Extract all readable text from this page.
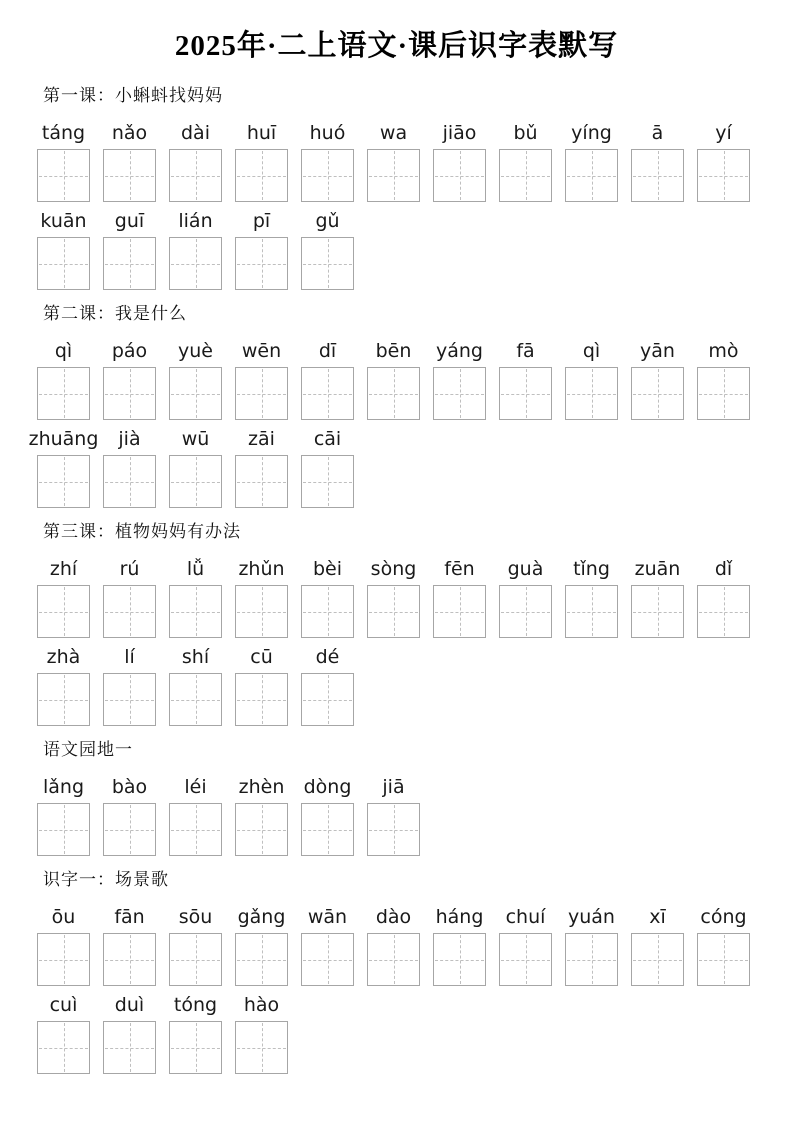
2025年·二上语文·课后识字表默写
第一课：小蝌蚪找妈妈
táng nǎo dài huī huó wa jiāo bǔ yíng ā	yí
kuān guī lián pī gǔ
第二课：我是什么
qì páo yuè wēn dī bēn yáng fā	qì yān mò
zhuāng jià wū zāi cāi
第三课：植物妈妈有办法
zhí rú lǚ zhǔn bèi sòng fēn guà tǐng zuān dǐ
zhà lí shí cū dé
语文园地一
lǎng bào léi zhèn dòng jiā
识字一：场景歌
ōu fān sōu gǎng wān dào háng chuí yuán xī cóng
cuì duì tóng hào
